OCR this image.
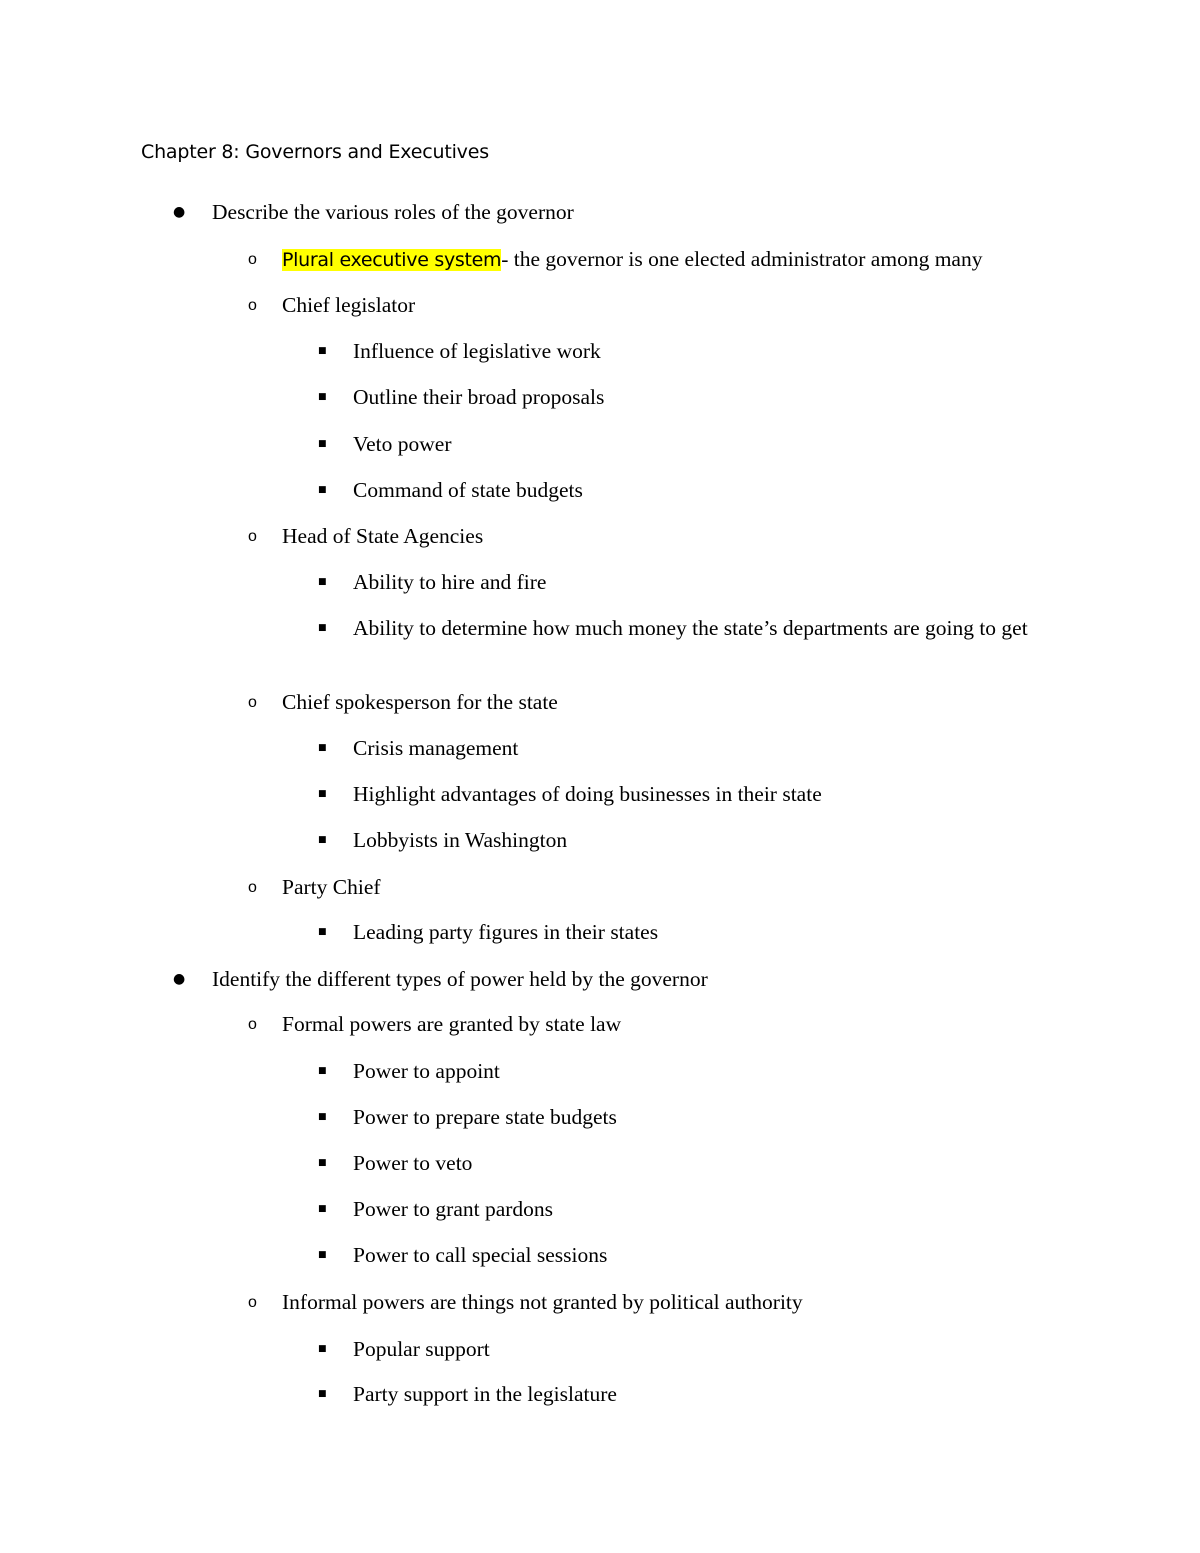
Chapter 8: Governors and Executives
● Describe the various roles of the governor
o Plural executive system- the governor is one elected administrator among many
o Chief legislator
■ Influence of legislative work
■ Outline their broad proposals
■ Veto power
■ Command of state budgets
o Head of State Agencies
■ Ability to hire and fire
■ Ability to determine how much money the state’s departments are going to get
o Chief spokesperson for the state
■ Crisis management
■ Highlight advantages of doing businesses in their state
■ Lobbyists in Washington
o Party Chief
■ Leading party figures in their states
● Identify the different types of power held by the governor
o Formal powers are granted by state law
■ Power to appoint
■ Power to prepare state budgets
■ Power to veto
■ Power to grant pardons
■ Power to call special sessions
o Informal powers are things not granted by political authority
■ Popular support
■ Party support in the legislature
